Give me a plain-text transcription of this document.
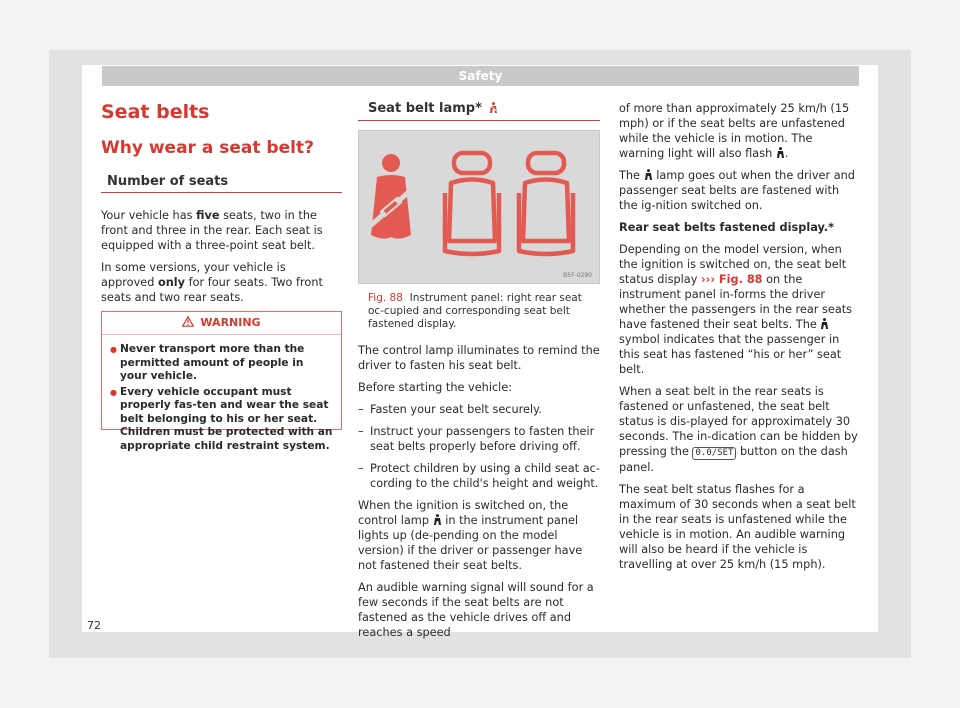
Safety
Seat belts
Why wear a seat belt?
Number of seats

Your vehicle has five seats, two in the front and three in the rear. Each seat is equipped with a three-point seat belt.

In some versions, your vehicle is approved only for four seats. Two front seats and two rear seats.

WARNING
● Never transport more than the permitted amount of people in your vehicle.
● Every vehicle occupant must properly fas-ten and wear the seat belt belonging to his or her seat. Children must be protected with an appropriate child restraint system.
Seat belt lamp*
B5F-0290
Fig. 88 Instrument panel: right rear seat oc-cupied and corresponding seat belt fastened display.

The control lamp illuminates to remind the driver to fasten his seat belt.

Before starting the vehicle:

– Fasten your seat belt securely.

– Instruct your passengers to fasten their seat belts properly before driving off.

– Protect children by using a child seat ac-cording to the child's height and weight.

When the ignition is switched on, the control lamp in the instrument panel lights up (de-pending on the model version) if the driver or passenger have not fastened their seat belts.

An audible warning signal will sound for a few seconds if the seat belts are not fastened as the vehicle drives off and reaches a speed

of more than approximately 25 km/h (15 mph) or if the seat belts are unfastened while the vehicle is in motion. The warning light will also flash .

The lamp goes out when the driver and passenger seat belts are fastened with the ig-nition switched on.

Rear seat belts fastened display.*

Depending on the model version, when the ignition is switched on, the seat belt status display ››› Fig. 88 on the instrument panel in-forms the driver whether the passengers in the rear seats have fastened their seat belts. The  symbol indicates that the passenger in this seat has fastened “his or her” seat belt.

When a seat belt in the rear seats is fastened or unfastened, the seat belt status is dis-played for approximately 30 seconds. The in-dication can be hidden by pressing the 0.0/SET button on the dash panel.

The seat belt status flashes for a maximum of 30 seconds when a seat belt in the rear seats is unfastened while the vehicle is in motion. An audible warning will also be heard if the vehicle is travelling at over 25 km/h (15 mph).

72
